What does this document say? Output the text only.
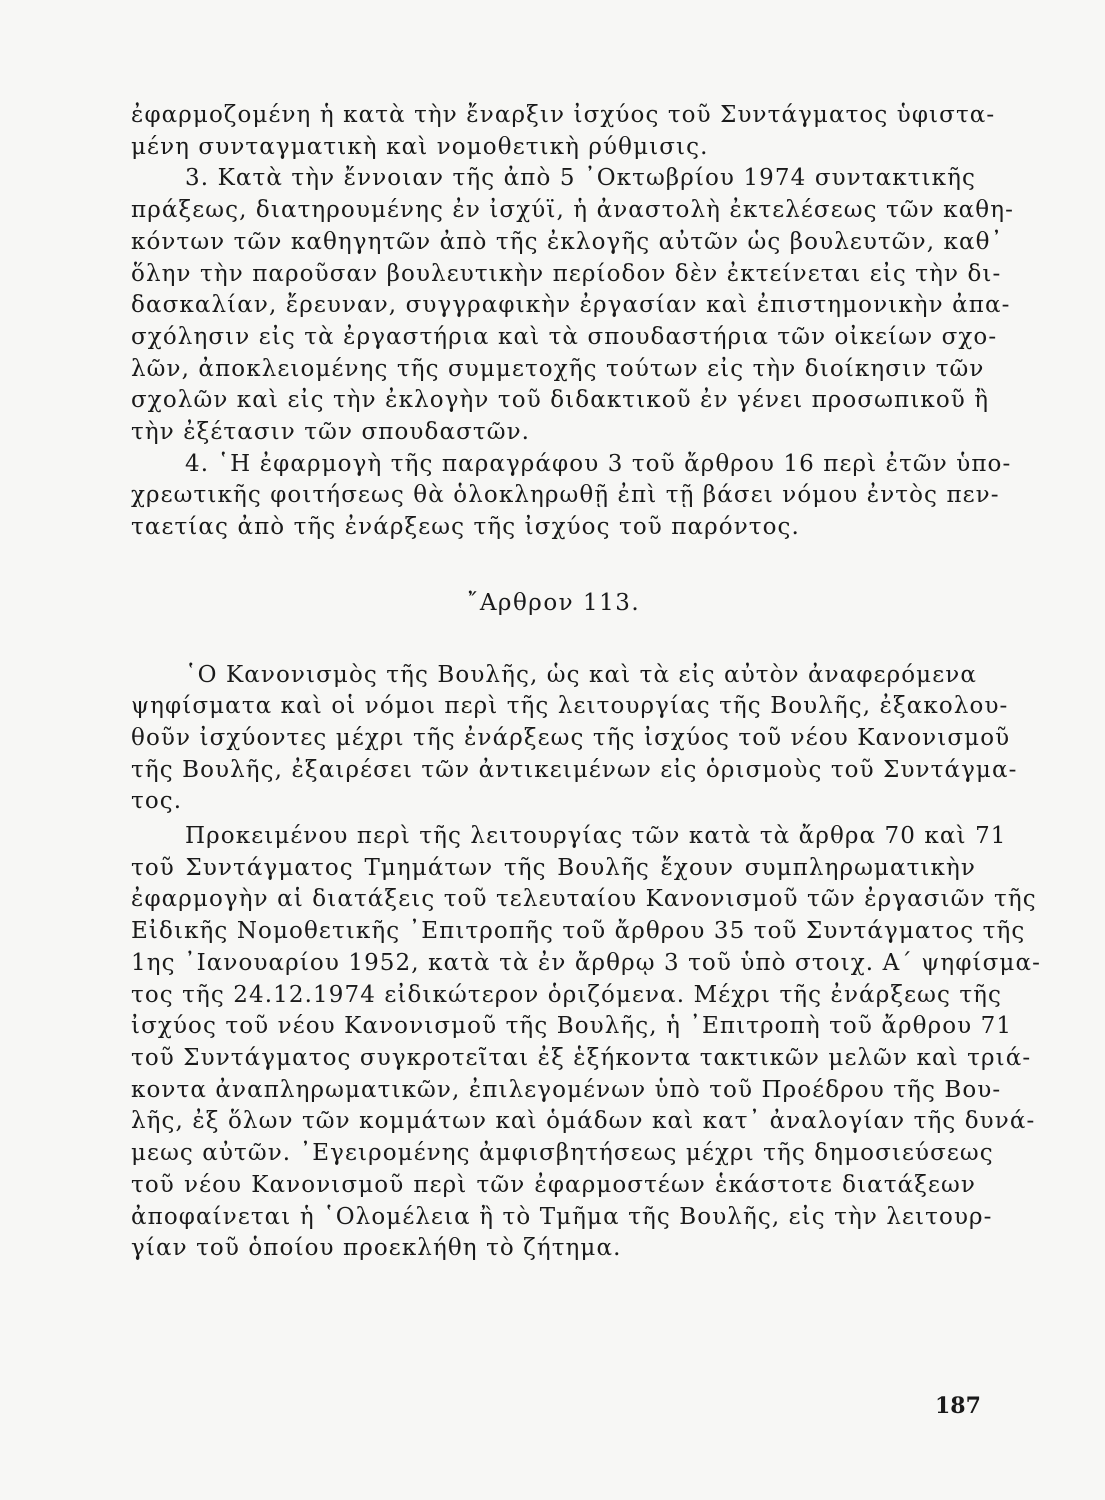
ἐφαρμοζομένη ἡ κατὰ τὴν ἔναρξιν ἰσχύος τοῦ Συντάγματος ὑφιστα-
μένη συνταγματικὴ καὶ νομοθετικὴ ρύθμισις.
3. Κατὰ τὴν ἔννοιαν τῆς ἀπὸ 5 ᾽Οκτωβρίου 1974 συντακτικῆς
πράξεως, διατηρουμένης ἐν ἰσχύϊ, ἡ ἀναστολὴ ἐκτελέσεως τῶν καθη-
κόντων τῶν καθηγητῶν ἀπὸ τῆς ἐκλογῆς αὐτῶν ὡς βουλευτῶν, καθ᾽
ὅλην τὴν παροῦσαν βουλευτικὴν περίοδον δὲν ἐκτείνεται εἰς τὴν δι-
δασκαλίαν, ἔρευναν, συγγραφικὴν ἐργασίαν καὶ ἐπιστημονικὴν ἀπα-
σχόλησιν εἰς τὰ ἐργαστήρια καὶ τὰ σπουδαστήρια τῶν οἰκείων σχο-
λῶν, ἀποκλειομένης τῆς συμμετοχῆς τούτων εἰς τὴν διοίκησιν τῶν
σχολῶν καὶ εἰς τὴν ἐκλογὴν τοῦ διδακτικοῦ ἐν γένει προσωπικοῦ ἢ
τὴν ἐξέτασιν τῶν σπουδαστῶν.
4. ῾Η ἐφαρμογὴ τῆς παραγράφου 3 τοῦ ἄρθρου 16 περὶ ἐτῶν ὑπο-
χρεωτικῆς φοιτήσεως θὰ ὁλοκληρωθῇ ἐπὶ τῇ βάσει νόμου ἐντὸς πεν-
ταετίας ἀπὸ τῆς ἐνάρξεως τῆς ἰσχύος τοῦ παρόντος.
῎Αρθρον 113.
῾Ο Κανονισμὸς τῆς Βουλῆς, ὡς καὶ τὰ εἰς αὐτὸν ἀναφερόμενα
ψηφίσματα καὶ οἱ νόμοι περὶ τῆς λειτουργίας τῆς Βουλῆς, ἐξακολου-
θοῦν ἰσχύοντες μέχρι τῆς ἐνάρξεως τῆς ἰσχύος τοῦ νέου Κανονισμοῦ
τῆς Βουλῆς, ἐξαιρέσει τῶν ἀντικειμένων εἰς ὁρισμοὺς τοῦ Συντάγμα-
τος.
Προκειμένου περὶ τῆς λειτουργίας τῶν κατὰ τὰ ἄρθρα 70 καὶ 71
τοῦ Συντάγματος Τμημάτων τῆς Βουλῆς ἔχουν συμπληρωματικὴν
ἐφαρμογὴν αἱ διατάξεις τοῦ τελευταίου Κανονισμοῦ τῶν ἐργασιῶν τῆς
Εἰδικῆς Νομοθετικῆς ᾽Επιτροπῆς τοῦ ἄρθρου 35 τοῦ Συντάγματος τῆς
1ης ᾽Ιανουαρίου 1952, κατὰ τὰ ἐν ἄρθρῳ 3 τοῦ ὑπὸ στοιχ. Α΄ ψηφίσμα-
τος τῆς 24.12.1974 εἰδικώτερον ὁριζόμενα. Μέχρι τῆς ἐνάρξεως τῆς
ἰσχύος τοῦ νέου Κανονισμοῦ τῆς Βουλῆς, ἡ ᾽Επιτροπὴ τοῦ ἄρθρου 71
τοῦ Συντάγματος συγκροτεῖται ἐξ ἑξήκοντα τακτικῶν μελῶν καὶ τριά-
κοντα ἀναπληρωματικῶν, ἐπιλεγομένων ὑπὸ τοῦ Προέδρου τῆς Βου-
λῆς, ἐξ ὅλων τῶν κομμάτων καὶ ὁμάδων καὶ κατ᾽ ἀναλογίαν τῆς δυνά-
μεως αὐτῶν. ᾽Εγειρομένης ἀμφισβητήσεως μέχρι τῆς δημοσιεύσεως
τοῦ νέου Κανονισμοῦ περὶ τῶν ἐφαρμοστέων ἑκάστοτε διατάξεων
ἀποφαίνεται ἡ ῾Ολομέλεια ἢ τὸ Τμῆμα τῆς Βουλῆς, εἰς τὴν λειτουρ-
γίαν τοῦ ὁποίου προεκλήθη τὸ ζήτημα.
187
